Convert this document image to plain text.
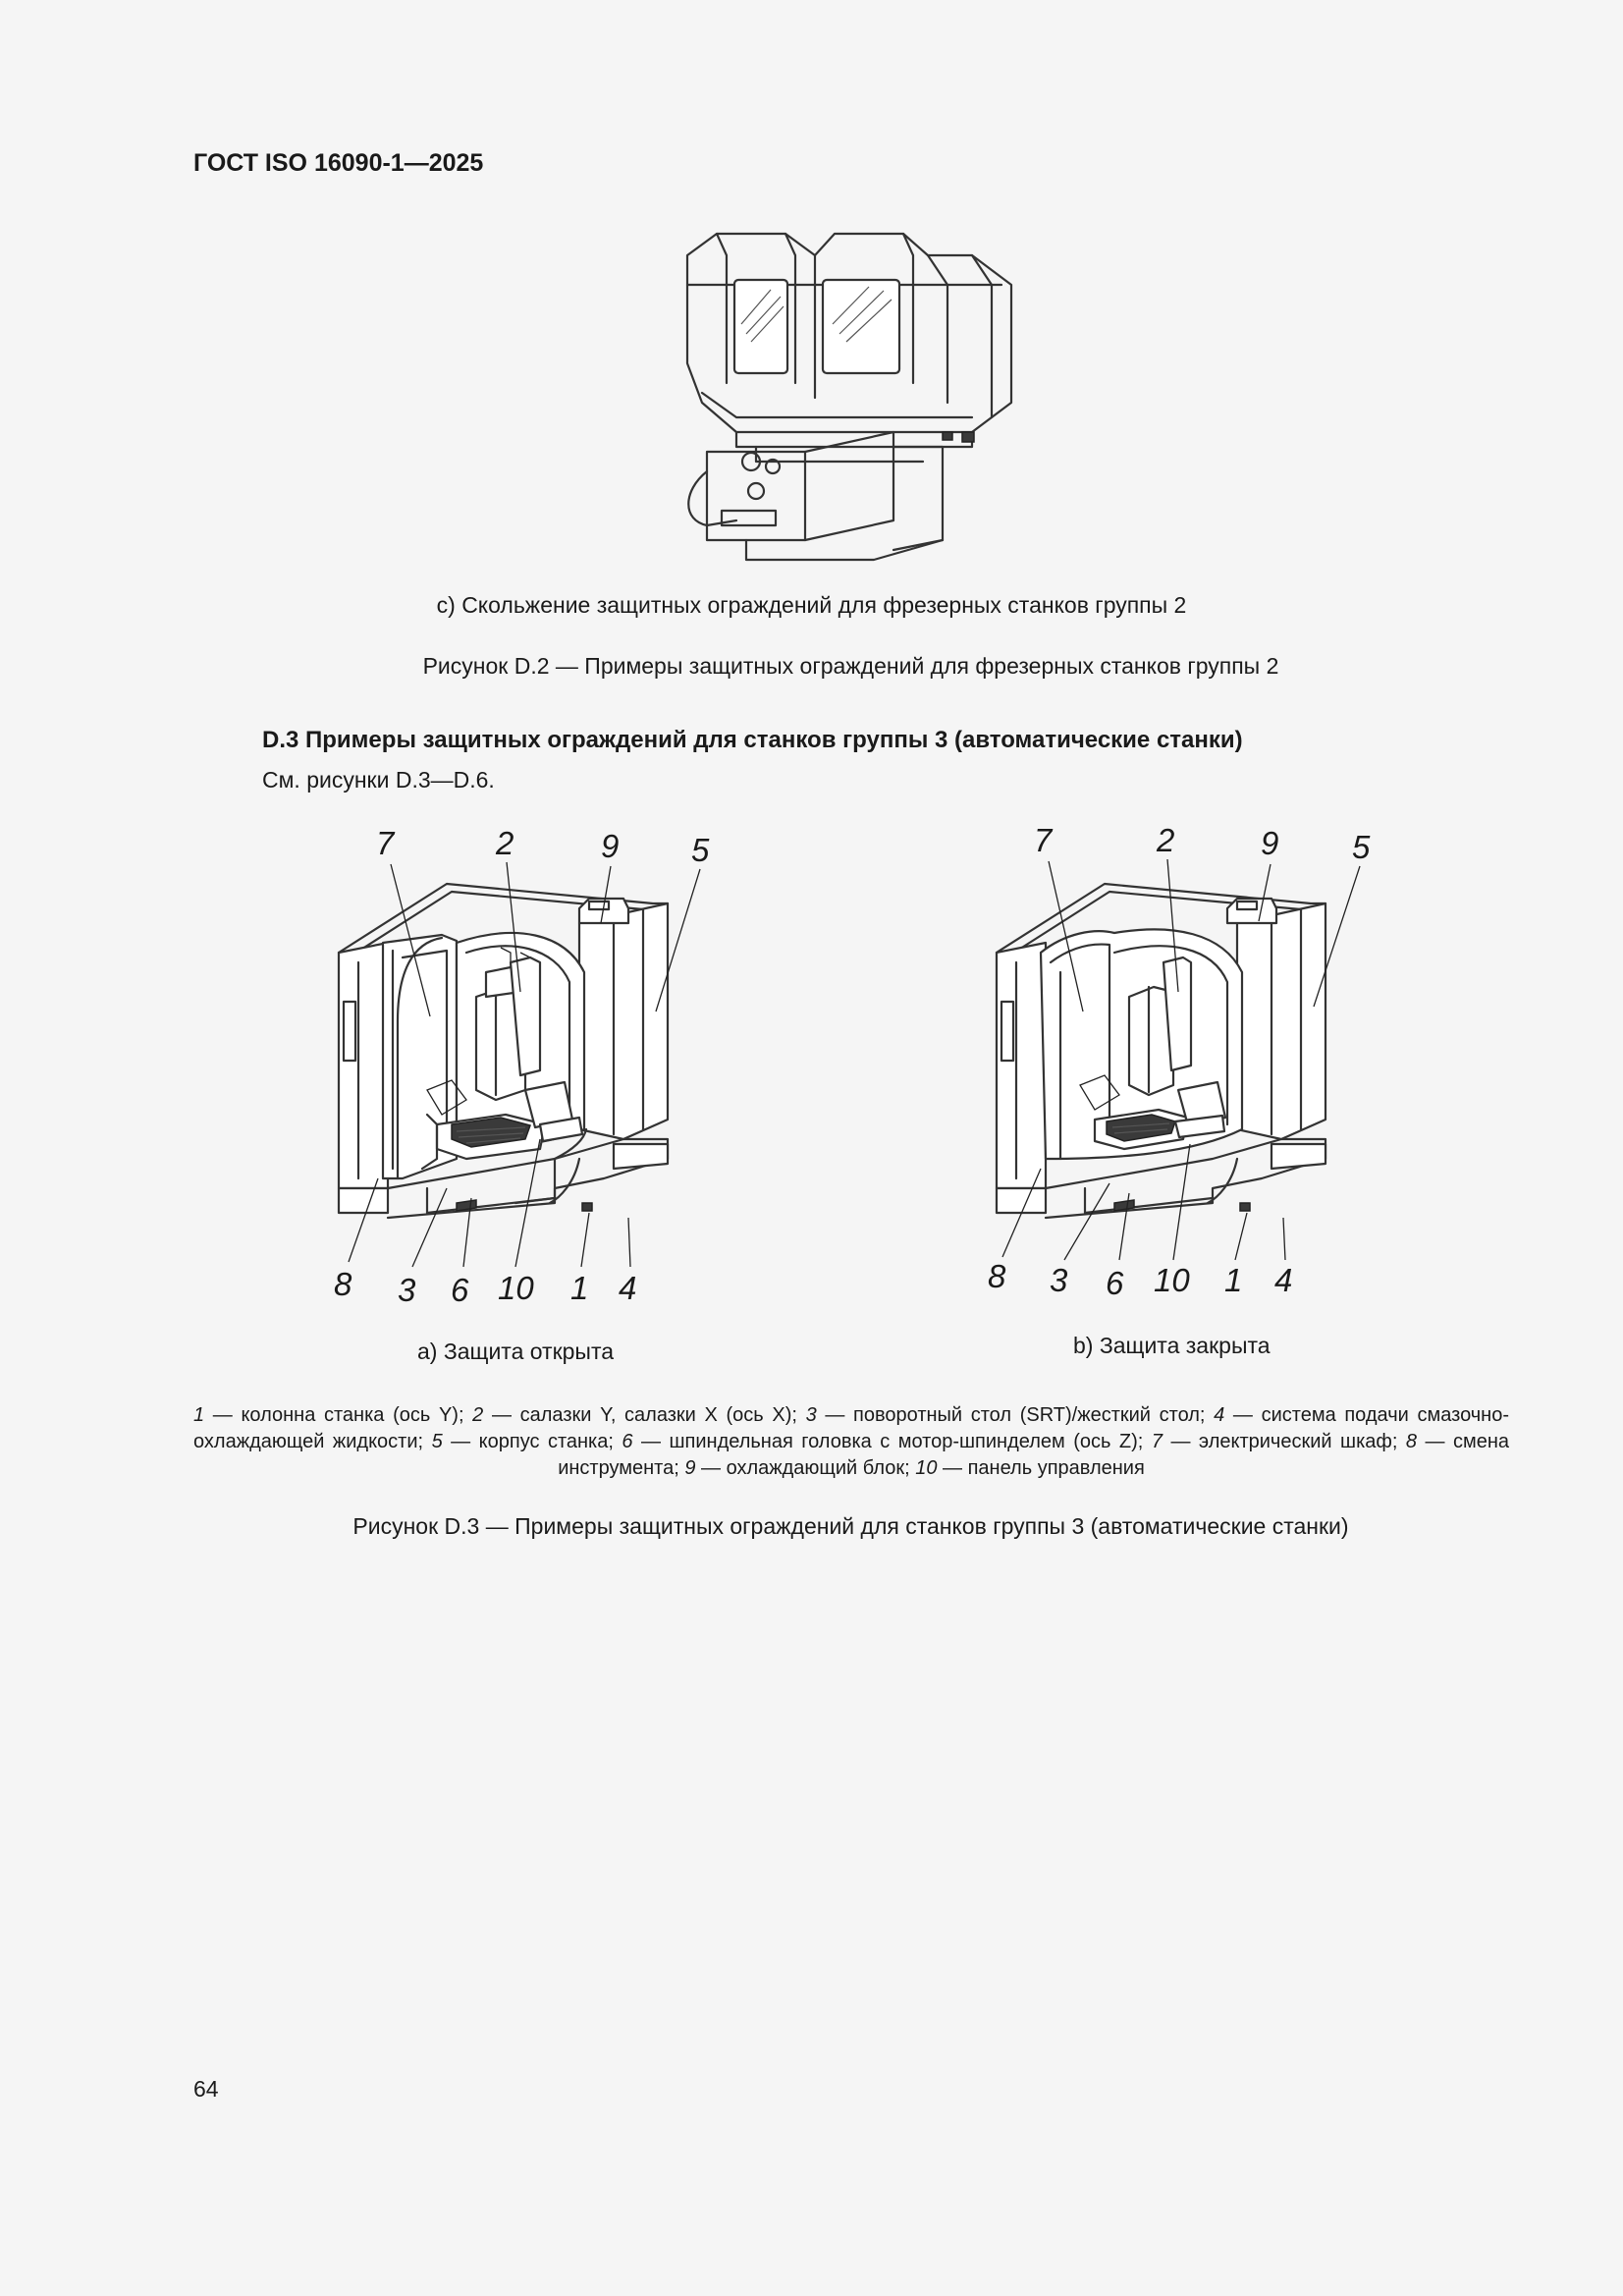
ГОСТ ISO 16090-1—2025
c) Скольжение защитных ограждений для фрезерных станков группы 2
Рисунок D.2 — Примеры защитных ограждений для фрезерных станков группы 2
D.3 Примеры защитных ограждений для станков группы 3 (автоматические станки)
См. рисунки D.3—D.6.
7	2	9 5
8 3 6 10 1 4
7	2	9 5
8 3 6 10 1 4
a) Защита открыта	b) Защита закрыта
1 — колонна станка (ось Y); 2 — салазки Y, салазки X (ось X); 3 — поворотный стол (SRT)/жесткий стол; 4 — система подачи смазочно-охлаждающей жидкости; 5 — корпус станка; 6 — шпиндельная головка с мотор-шпинделем (ось Z); 7 — электрический шкаф; 8 — смена инструмента; 9 — охлаждающий блок; 10 — панель управления
Рисунок D.3 — Примеры защитных ограждений для станков группы 3 (автоматические станки)
64
